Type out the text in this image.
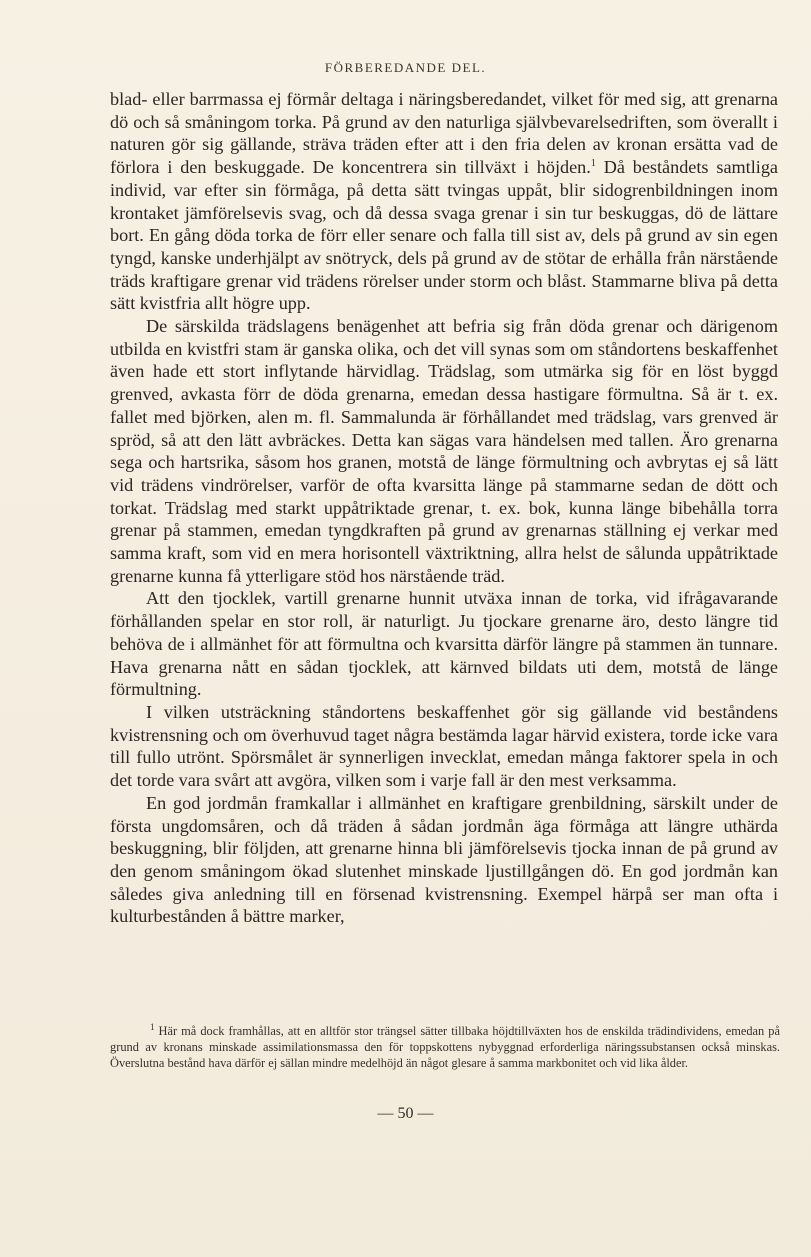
FÖRBEREDANDE DEL.

blad- eller barrmassa ej förmår deltaga i näringsberedandet, vilket för med sig, att grenarna dö och så småningom torka. På grund av den naturliga självbevarelsedriften, som överallt i naturen gör sig gällande, sträva träden efter att i den fria delen av kronan ersätta vad de förlora i den beskuggade. De koncentrera sin tillväxt i höjden.$^1$ Då beståndets samtliga individ, var efter sin förmåga, på detta sätt tvingas uppåt, blir sidogrenbildningen inom krontaket jämförelsevis svag, och då dessa svaga grenar i sin tur beskuggas, dö de lättare bort. En gång döda torka de förr eller senare och falla till sist av, dels på grund av sin egen tyngd, kanske underhjälpt av snötryck, dels på grund av de stötar de erhålla från närstående träds kraftigare grenar vid trädens rörelser under storm och blåst. Stammarne bliva på detta sätt kvistfria allt högre upp.

De särskilda trädslagens benägenhet att befria sig från döda grenar och därigenom utbilda en kvistfri stam är ganska olika, och det vill synas som om ståndortens beskaffenhet även hade ett stort inflytande härvidlag. Trädslag, som utmärka sig för en löst byggd grenved, avkasta förr de döda grenarna, emedan dessa hastigare förmultna. Så är t. ex. fallet med björken, alen m. fl. Sammalunda är förhållandet med trädslag, vars grenved är spröd, så att den lätt avbräckes. Detta kan sägas vara händelsen med tallen. Äro grenarna sega och hartsrika, såsom hos granen, motstå de länge förmultning och avbrytas ej så lätt vid trädens vindrörelser, varför de ofta kvarsitta länge på stammarne sedan de dött och torkat. Trädslag med starkt uppåtriktade grenar, t. ex. bok, kunna länge bibehålla torra grenar på stammen, emedan tyngdkraften på grund av grenarnas ställning ej verkar med samma kraft, som vid en mera horisontell växtriktning, allra helst de sålunda uppåtriktade grenarne kunna få ytterligare stöd hos närstående träd.

Att den tjocklek, vartill grenarne hunnit utväxa innan de torka, vid ifrågavarande förhållanden spelar en stor roll, är naturligt. Ju tjockare grenarne äro, desto längre tid behöva de i allmänhet för att förmultna och kvarsitta därför längre på stammen än tunnare. Hava grenarna nått en sådan tjocklek, att kärnved bildats uti dem, motstå de länge förmultning.

I vilken utsträckning ståndortens beskaffenhet gör sig gällande vid beståndens kvistrensning och om överhuvud taget några bestämda lagar härvid existera, torde icke vara till fullo utrönt. Spörsmålet är synnerligen invecklat, emedan många faktorer spela in och det torde vara svårt att avgöra, vilken som i varje fall är den mest verksamma.

En god jordmån framkallar i allmänhet en kraftigare grenbildning, särskilt under de första ungdomsåren, och då träden å sådan jordmån äga förmåga att längre uthärda beskuggning, blir följden, att grenarne hinna bli jämförelsevis tjocka innan de på grund av den genom småningom ökad slutenhet minskade ljustillgången dö. En god jordmån kan således giva anledning till en försenad kvistrensning. Exempel härpå ser man ofta i kulturbestånden å bättre marker,

$^1$ Här må dock framhållas, att en alltför stor trängsel sätter tillbaka höjdtillväxten hos de enskilda trädindividens, emedan på grund av kronans minskade assimilationsmassa den för toppskottens nybyggnad erforderliga näringssubstansen också minskas. Överslutna bestånd hava därför ej sällan mindre medelhöjd än något glesare å samma markbonitet och vid lika ålder.
— 50 —
